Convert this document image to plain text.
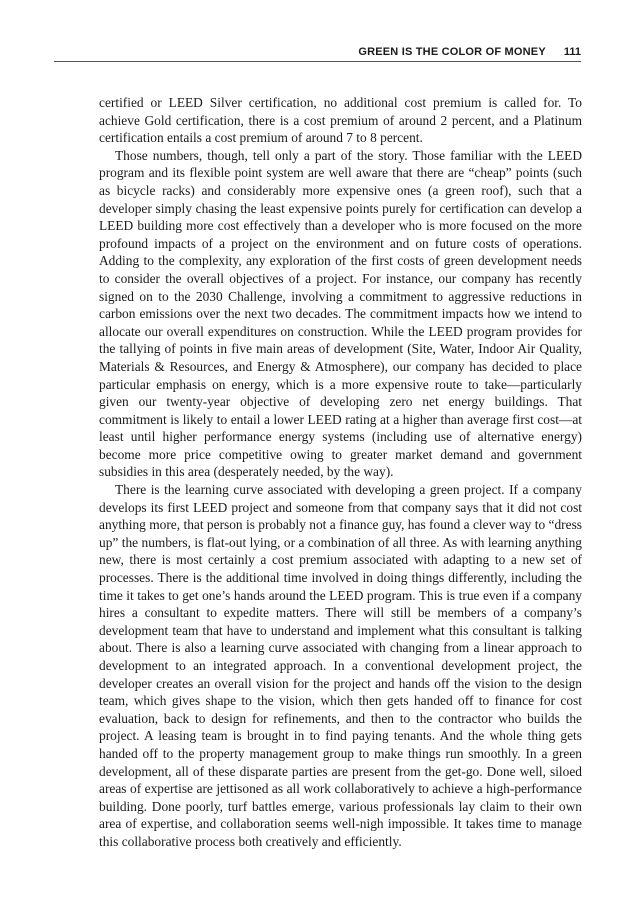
GREEN IS THE COLOR OF MONEY 111

certified or LEED Silver certification, no additional cost premium is called for. To achieve Gold certification, there is a cost premium of around 2 percent, and a Platinum certification entails a cost premium of around 7 to 8 percent.

Those numbers, though, tell only a part of the story. Those familiar with the LEED program and its flexible point system are well aware that there are “cheap” points (such as bicycle racks) and considerably more expensive ones (a green roof), such that a developer simply chasing the least expensive points purely for certification can develop a LEED building more cost effectively than a developer who is more focused on the more profound impacts of a project on the environment and on future costs of operations. Adding to the complexity, any exploration of the first costs of green development needs to consider the overall objectives of a project. For instance, our company has recently signed on to the 2030 Challenge, involving a commitment to aggressive reductions in carbon emissions over the next two decades. The commitment impacts how we intend to allocate our overall expenditures on construction. While the LEED program provides for the tallying of points in five main areas of development (Site, Water, Indoor Air Quality, Materials & Resources, and Energy & Atmosphere), our company has decided to place particular emphasis on energy, which is a more expensive route to take—particularly given our twenty-year objective of developing zero net energy buildings. That commitment is likely to entail a lower LEED rating at a higher than average first cost—at least until higher performance energy systems (including use of alternative energy) become more price competitive owing to greater market demand and government subsidies in this area (desperately needed, by the way).

There is the learning curve associated with developing a green project. If a company develops its first LEED project and someone from that company says that it did not cost anything more, that person is probably not a finance guy, has found a clever way to “dress up” the numbers, is flat-out lying, or a combination of all three. As with learning anything new, there is most certainly a cost premium associated with adapting to a new set of processes. There is the additional time involved in doing things differently, including the time it takes to get one’s hands around the LEED program. This is true even if a company hires a consultant to expedite matters. There will still be members of a company’s development team that have to understand and implement what this consultant is talking about. There is also a learning curve associated with changing from a linear approach to development to an integrated approach. In a conventional development project, the developer creates an overall vision for the project and hands off the vision to the design team, which gives shape to the vision, which then gets handed off to finance for cost evaluation, back to design for refinements, and then to the contractor who builds the project. A leasing team is brought in to find paying tenants. And the whole thing gets handed off to the property management group to make things run smoothly. In a green development, all of these disparate parties are present from the get-go. Done well, siloed areas of expertise are jettisoned as all work collaboratively to achieve a high-performance building. Done poorly, turf battles emerge, various professionals lay claim to their own area of expertise, and collaboration seems well-nigh impossible. It takes time to manage this collaborative process both creatively and efficiently.
